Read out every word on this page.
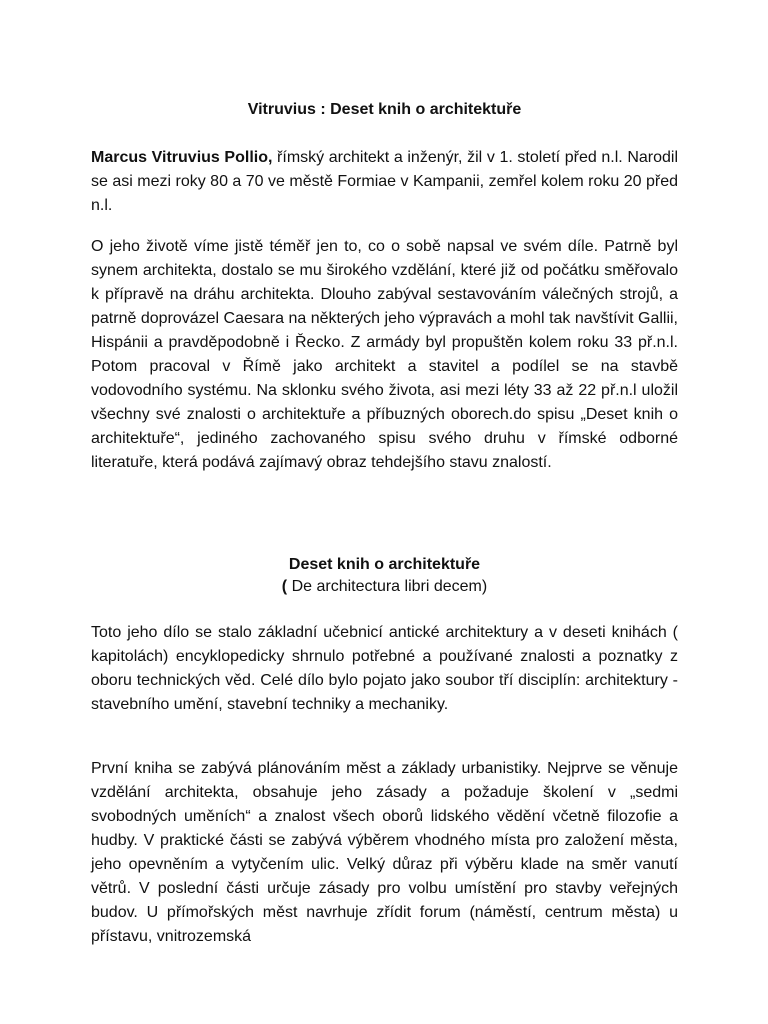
Vitruvius : Deset knih o architektuře

Marcus Vitruvius Pollio, římský architekt a inženýr, žil v 1. století před n.l. Narodil se asi mezi roky 80 a 70 ve městě Formiae v Kampanii, zemřel kolem roku 20 před n.l.

O jeho životě víme jistě téměř jen to, co o sobě napsal ve svém díle. Patrně byl synem architekta, dostalo se mu širokého vzdělání, které již od počátku směřovalo k přípravě na dráhu architekta. Dlouho zabýval sestavováním válečných strojů, a patrně doprovázel Caesara na některých jeho výpravách a mohl tak navštívit Gallii, Hispánii a pravděpodobně i Řecko. Z armády byl propuštěn kolem roku 33 př.n.l. Potom pracoval v Římě jako architekt a stavitel a podílel se na stavbě vodovodního systému. Na sklonku svého života, asi mezi léty 33 až 22 př.n.l uložil všechny své znalosti o architektuře a příbuzných oborech.do spisu „Deset knih o architektuře“, jediného zachovaného spisu svého druhu v římské odborné literatuře, která podává zajímavý obraz tehdejšího stavu znalostí.

Deset knih o architektuře

( De architectura libri decem)

Toto jeho dílo se stalo základní učebnicí antické architektury a v deseti knihách ( kapitolách) encyklopedicky shrnulo potřebné a používané znalosti a poznatky z oboru technických věd. Celé dílo bylo pojato jako soubor tří disciplín: architektury - stavebního umění, stavební techniky a mechaniky.

První kniha se zabývá plánováním měst a základy urbanistiky. Nejprve se věnuje vzdělání architekta, obsahuje jeho zásady a požaduje školení v „sedmi svobodných uměních“ a znalost všech oborů lidského vědění včetně filozofie a hudby. V praktické části se zabývá výběrem vhodného místa pro založení města, jeho opevněním a vytyčením ulic. Velký důraz při výběru klade na směr vanutí větrů. V poslední části určuje zásady pro volbu umístění pro stavby veřejných budov. U přímořských měst navrhuje zřídit forum (náměstí, centrum města) u přístavu, vnitrozemská
